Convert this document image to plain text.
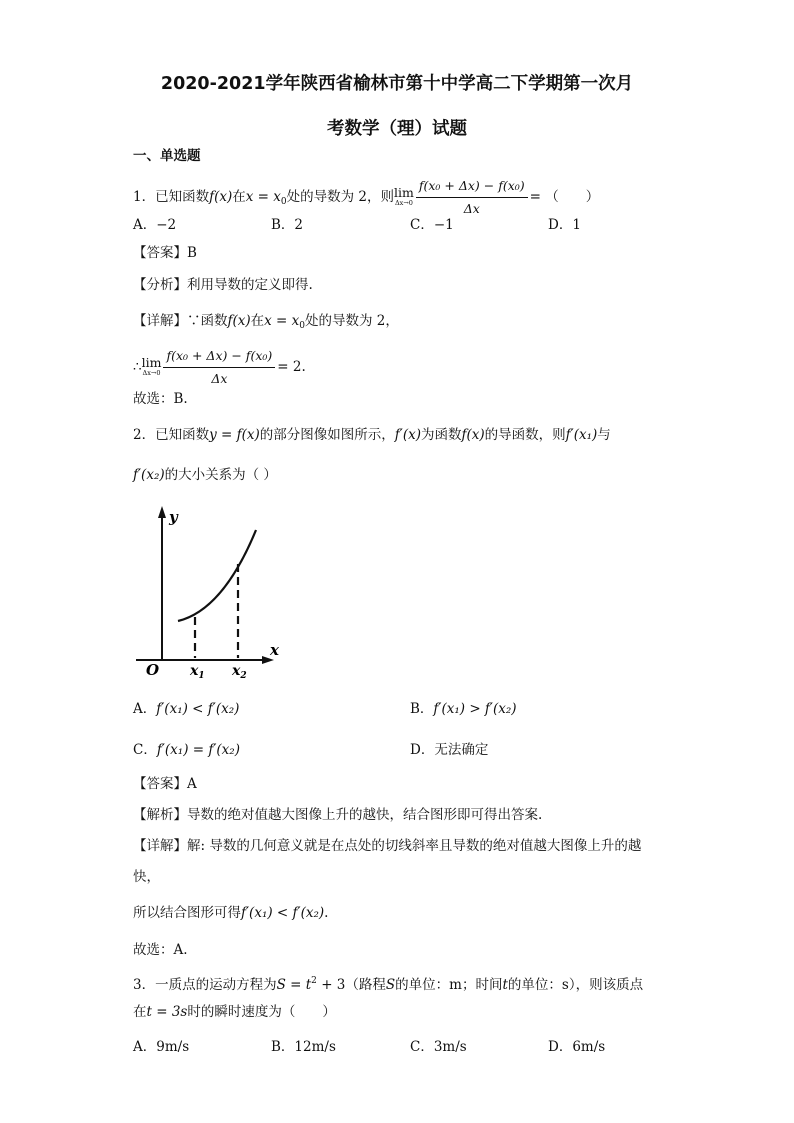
2020-2021学年陕西省榆林市第十中学高二下学期第一次月
考数学（理）试题
一、单选题
1．已知函数f(x)在$x = x_0$处的导数为 2，则lim
$\Delta x\to 0 \frac{\text{f(x₀ + Δx) − f(x₀)}}{\Delta x}$ = （　　）
A．−2	B．2	C．−1	D．1
【答案】B
【分析】利用导数的定义即得.
【详解】∵函数f(x)在$x = x_0$处的导数为 2，
∴lim
$\Delta x\to 0 \frac{\text{f(x₀ + Δx) − f(x₀)}}{\Delta x} = 2$.
故选：B.
2．已知函数y = f(x)的部分图像如图所示，f′(x)为函数f(x)的导函数，则f′(x₁)与
f′(x₂)的大小关系为（ ）
y
x
O $x_1$ $x_2$
A．f′(x₁) < f′(x₂)	B．f′(x₁) > f′(x₂)
C．f′(x₁) = f′(x₂)	D．无法确定
【答案】A
【解析】导数的绝对值越大图像上升的越快，结合图形即可得出答案.
【详解】解: 导数的几何意义就是在点处的切线斜率且导数的绝对值越大图像上升的越
快，
所以结合图形可得f′(x₁) < f′(x₂).
故选：A.
3．一质点的运动方程为$S = t^2 + 3$（路程S的单位：m；时间t的单位：s），则该质点
在t = 3s时的瞬时速度为（　　）
A．9m/s	B．12m/s	C．3m/s	D．6m/s
